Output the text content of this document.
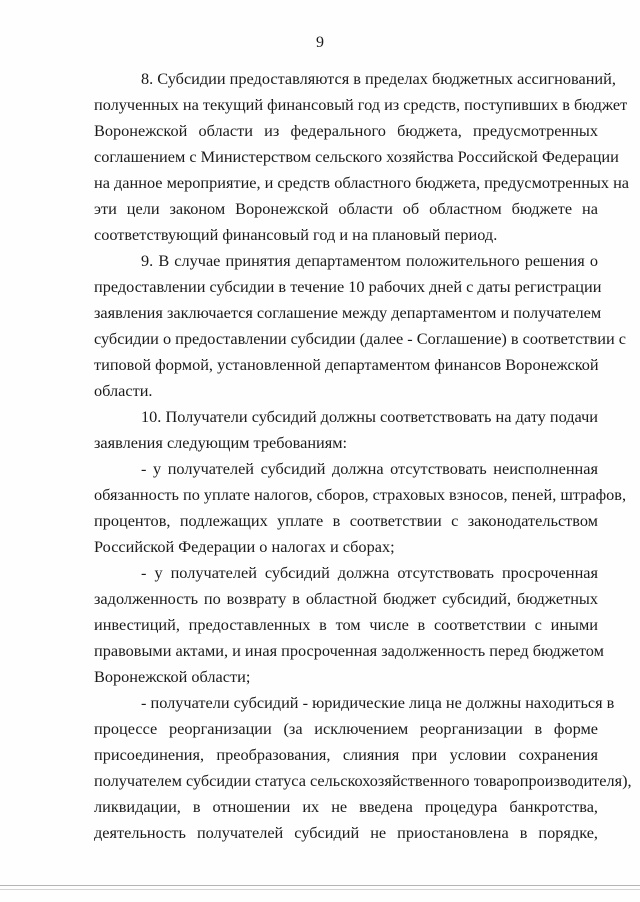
9
8. Субсидии предоставляются в пределах бюджетных ассигнований,
полученных на текущий финансовый год из средств, поступивших в бюджет
Воронежской области из федерального бюджета, предусмотренных
соглашением с Министерством сельского хозяйства Российской Федерации
на данное мероприятие, и средств областного бюджета, предусмотренных на
эти цели законом Воронежской области об областном бюджете на
соответствующий финансовый год и на плановый период.
9. В случае принятия департаментом положительного решения о
предоставлении субсидии в течение 10 рабочих дней с даты регистрации
заявления заключается соглашение между департаментом и получателем
субсидии о предоставлении субсидии (далее - Соглашение) в соответствии с
типовой формой, установленной департаментом финансов Воронежской
области.
10. Получатели субсидий должны соответствовать на дату подачи
заявления следующим требованиям:
- у получателей субсидий должна отсутствовать неисполненная
обязанность по уплате налогов, сборов, страховых взносов, пеней, штрафов,
процентов, подлежащих уплате в соответствии с законодательством
Российской Федерации о налогах и сборах;
- у получателей субсидий должна отсутствовать просроченная
задолженность по возврату в областной бюджет субсидий, бюджетных
инвестиций, предоставленных в том числе в соответствии с иными
правовыми актами, и иная просроченная задолженность перед бюджетом
Воронежской области;
- получатели субсидий - юридические лица не должны находиться в
процессе реорганизации (за исключением реорганизации в форме
присоединения, преобразования, слияния при условии сохранения
получателем субсидии статуса сельскохозяйственного товаропроизводителя),
ликвидации, в отношении их не введена процедура банкротства,
деятельность получателей субсидий не приостановлена в порядке,
